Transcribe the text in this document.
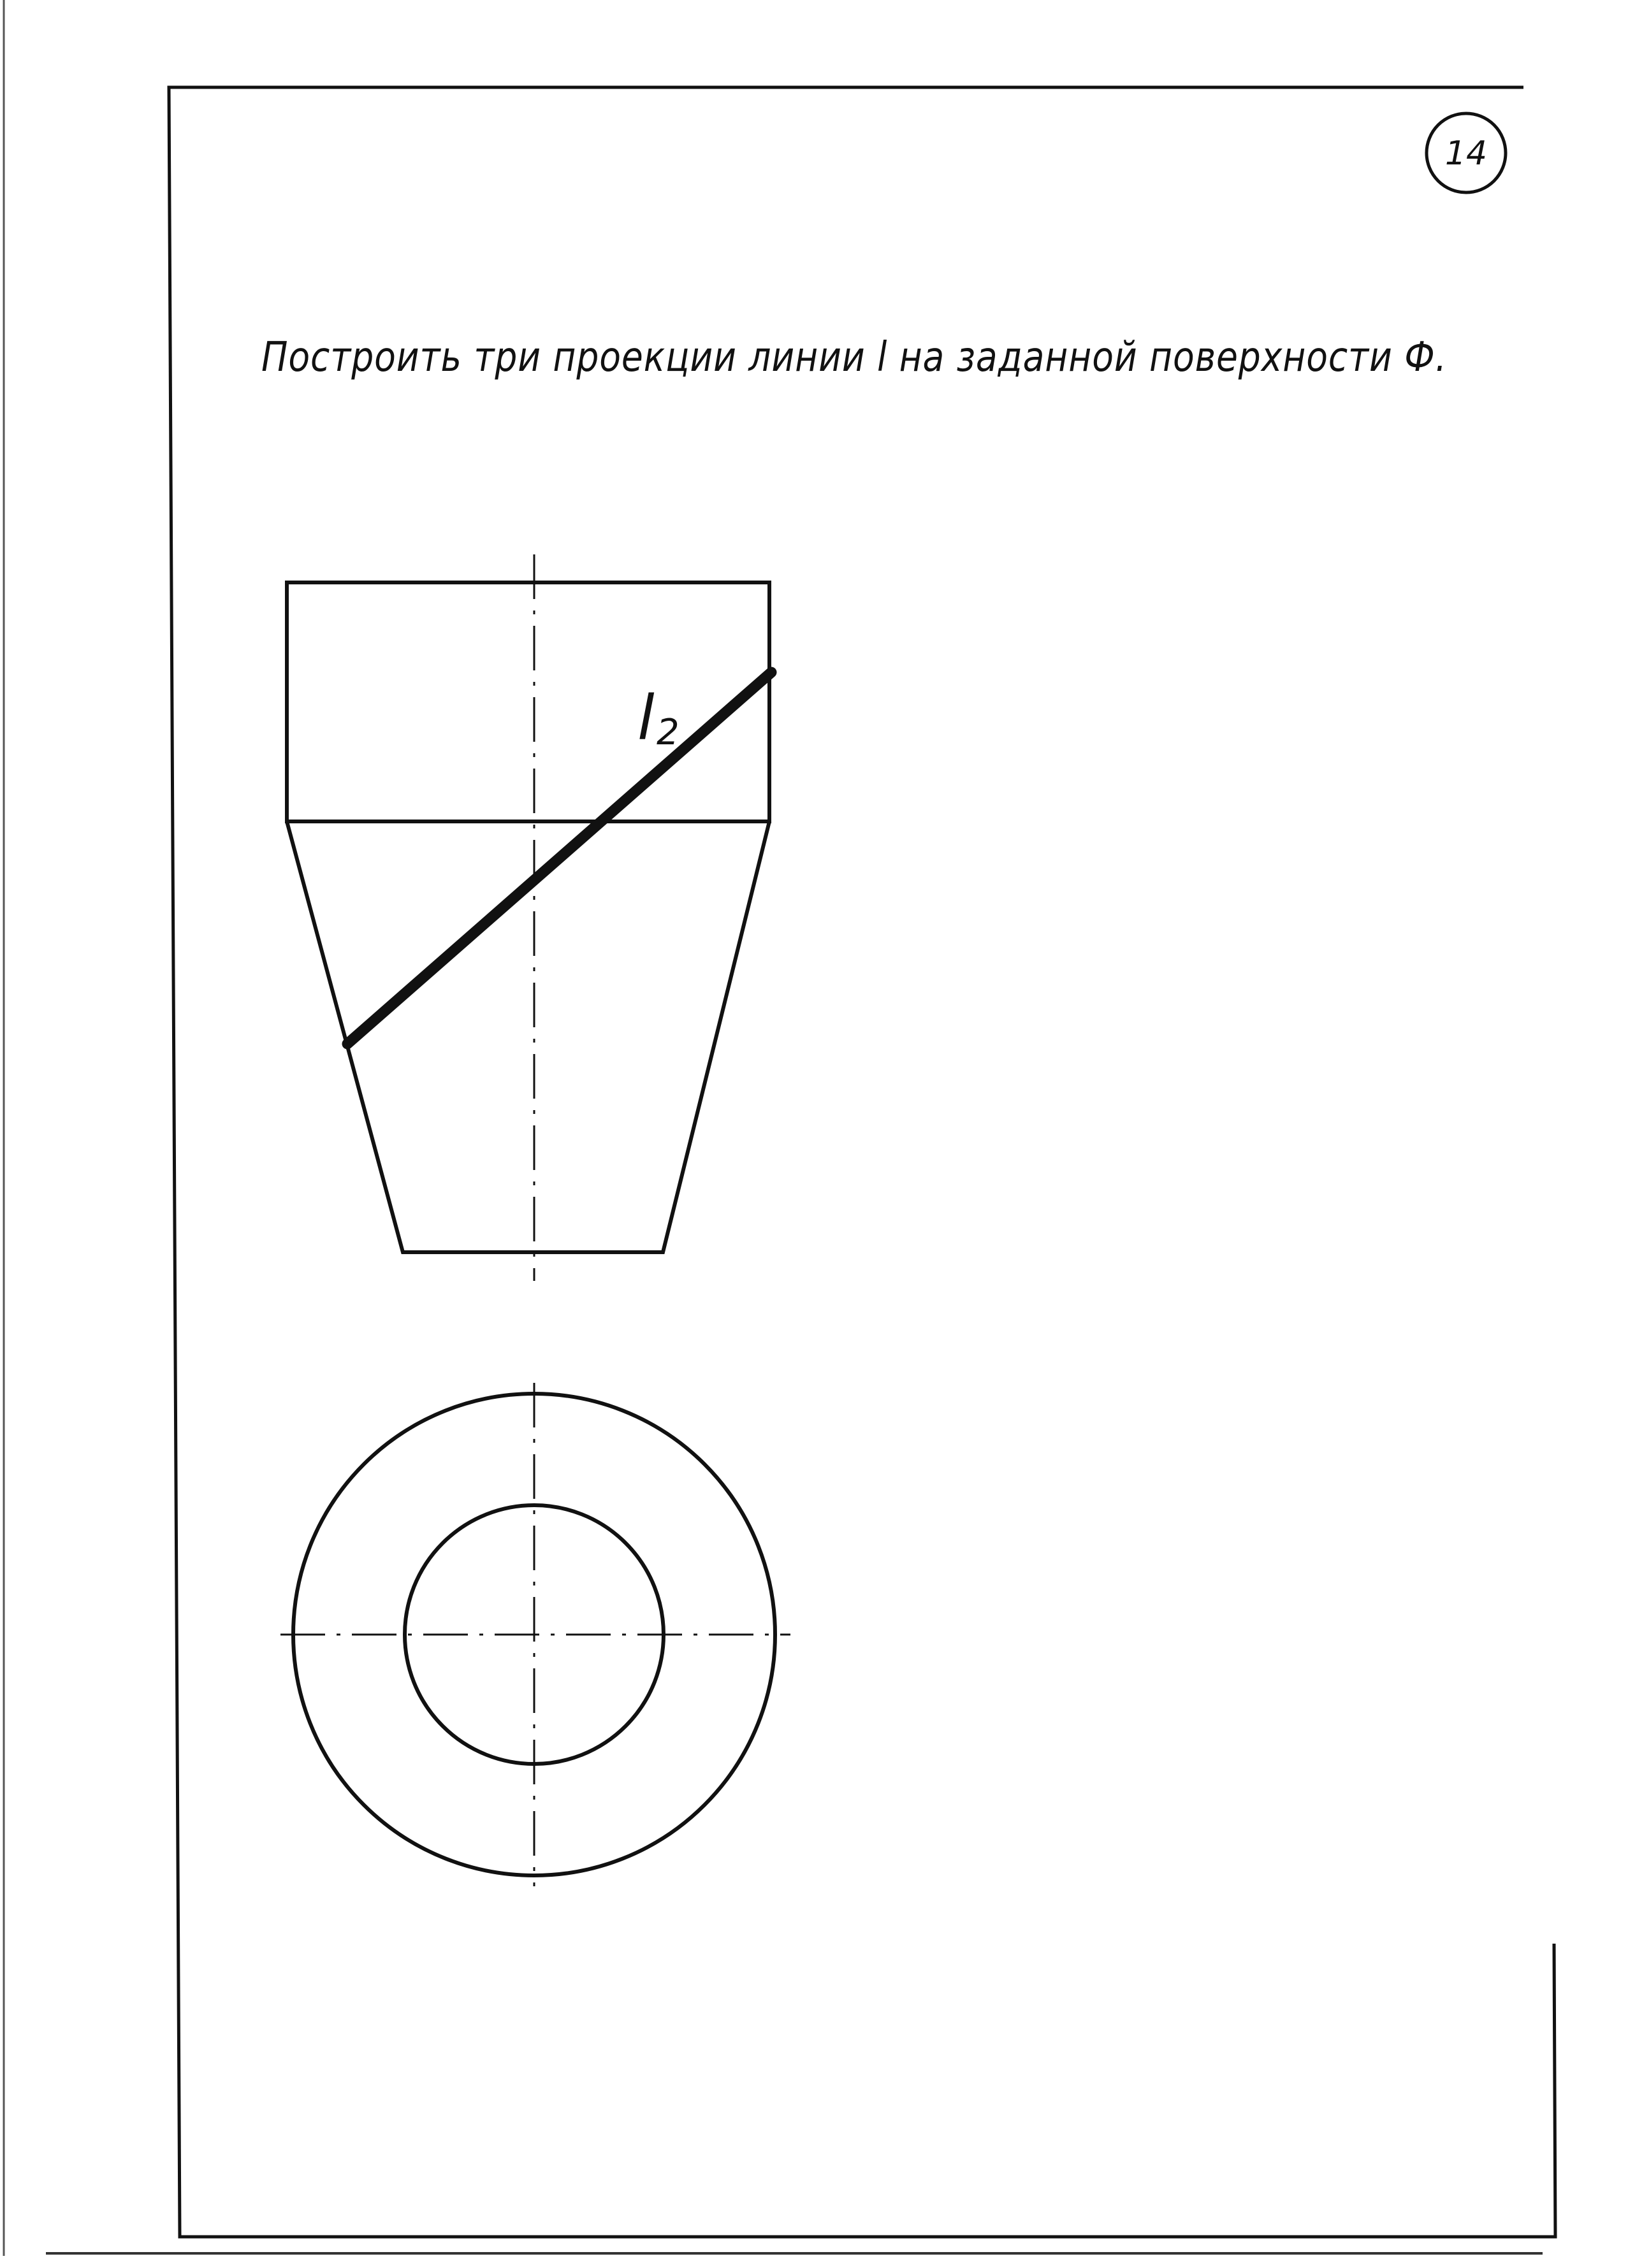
14
Построить три проекции линии l на заданной поверхности Ф.
l 2
